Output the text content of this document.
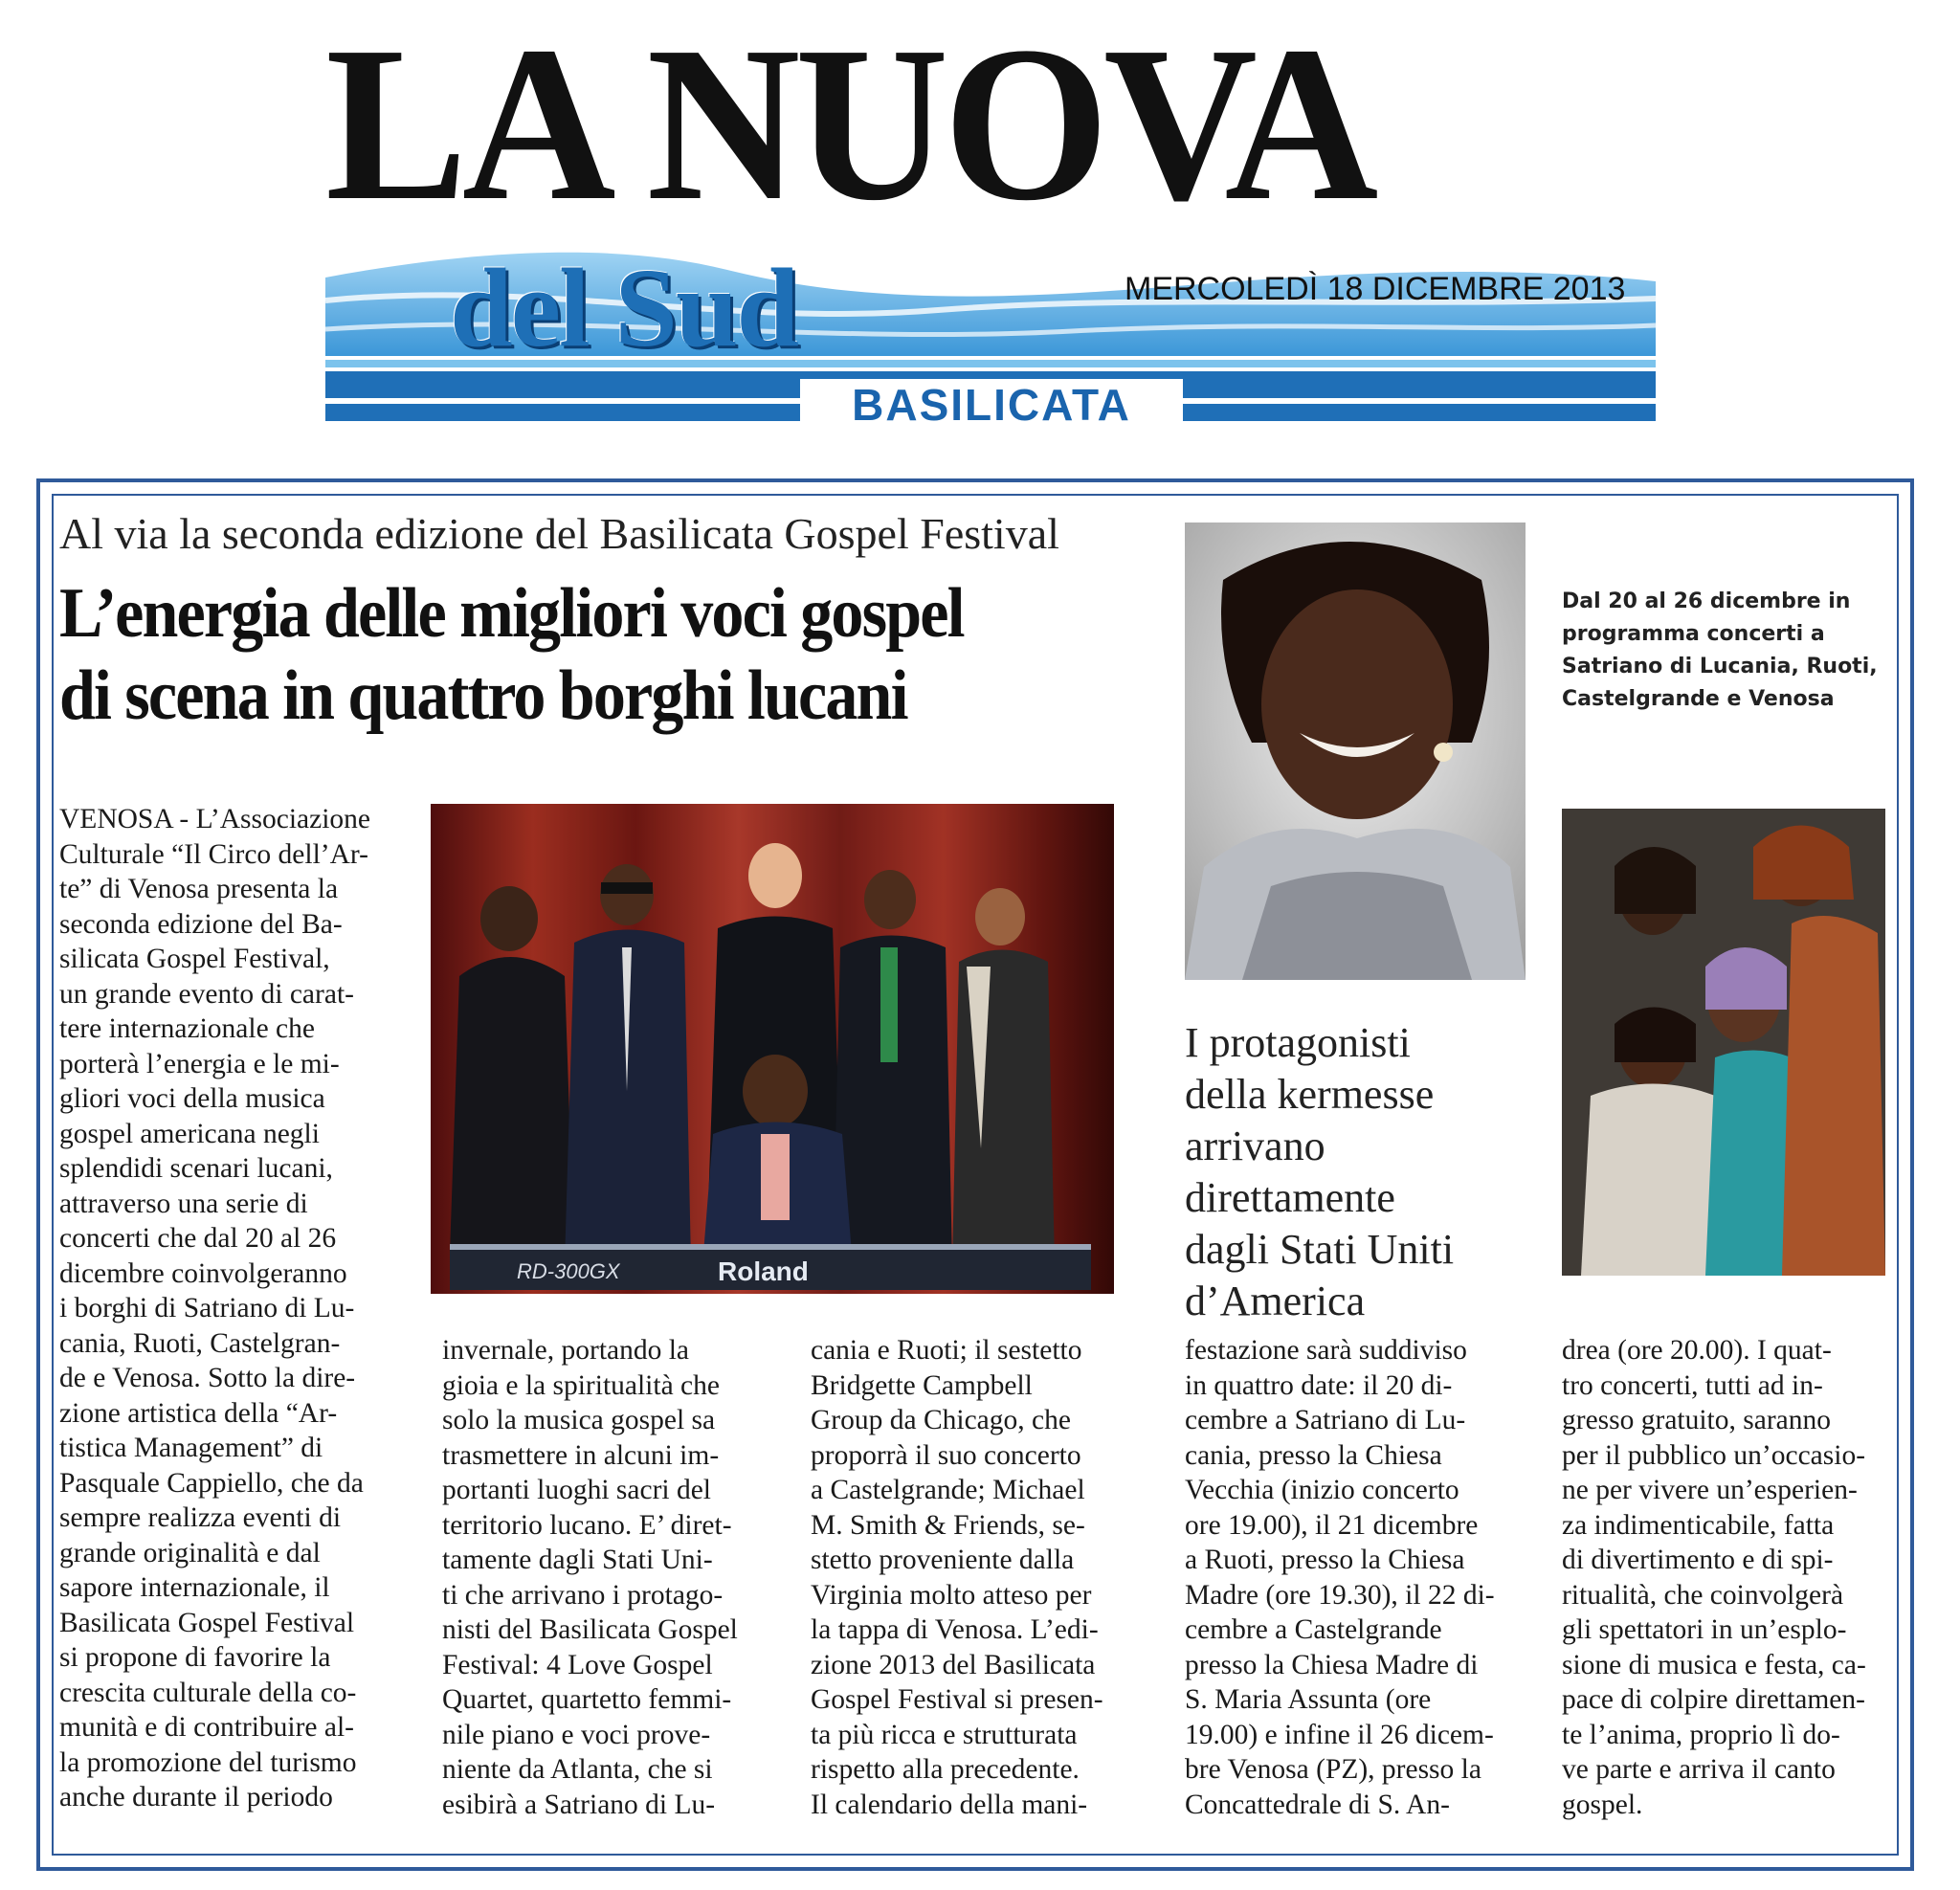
LA NUOVA
del Sud	MERCOLEDÌ 18 DICEMBRE 2013
BASILICATA
Al via la seconda edizione del Basilicata Gospel Festival
L’energia delle migliori voci gospel
di scena in quattro borghi lucani
RD-300GX	Roland
I protagonisti
della kermesse
arrivano
direttamente
dagli Stati Uniti
d’America
Dal 20 al 26 dicembre in
programma concerti a
Satriano di Lucania, Ruoti,
Castelgrande e Venosa
VENOSA - L’Associazione
Culturale “Il Circo dell’Ar-
te” di Venosa presenta la
seconda edizione del Ba-
silicata Gospel Festival,
un grande evento di carat-
tere internazionale che
porterà l’energia e le mi-
gliori voci della musica
gospel americana negli
splendidi scenari lucani,
attraverso una serie di
concerti che dal 20 al 26
dicembre coinvolgeranno
i borghi di Satriano di Lu-
cania, Ruoti, Castelgran-
de e Venosa. Sotto la dire-
zione artistica della “Ar-
tistica Management” di
Pasquale Cappiello, che da
sempre realizza eventi di
grande originalità e dal
sapore internazionale, il
Basilicata Gospel Festival
si propone di favorire la
crescita culturale della co-
munità e di contribuire al-
la promozione del turismo
anche durante il periodo
invernale, portando la
gioia e la spiritualità che
solo la musica gospel sa
trasmettere in alcuni im-
portanti luoghi sacri del
territorio lucano. E’ diret-
tamente dagli Stati Uni-
ti che arrivano i protago-
nisti del Basilicata Gospel
Festival: 4 Love Gospel
Quartet, quartetto femmi-
nile piano e voci prove-
niente da Atlanta, che si
esibirà a Satriano di Lu-
cania e Ruoti; il sestetto
Bridgette Campbell
Group da Chicago, che
proporrà il suo concerto
a Castelgrande; Michael
M. Smith & Friends, se-
stetto proveniente dalla
Virginia molto atteso per
la tappa di Venosa. L’edi-
zione 2013 del Basilicata
Gospel Festival si presen-
ta più ricca e strutturata
rispetto alla precedente.
Il calendario della mani-
festazione sarà suddiviso
in quattro date: il 20 di-
cembre a Satriano di Lu-
cania, presso la Chiesa
Vecchia (inizio concerto
ore 19.00), il 21 dicembre
a Ruoti, presso la Chiesa
Madre (ore 19.30), il 22 di-
cembre a Castelgrande
presso la Chiesa Madre di
S. Maria Assunta (ore
19.00) e infine il 26 dicem-
bre Venosa (PZ), presso la
Concattedrale di S. An-
drea (ore 20.00). I quat-
tro concerti, tutti ad in-
gresso gratuito, saranno
per il pubblico un’occasio-
ne per vivere un’esperien-
za indimenticabile, fatta
di divertimento e di spi-
ritualità, che coinvolgerà
gli spettatori in un’esplo-
sione di musica e festa, ca-
pace di colpire direttamen-
te l’anima, proprio lì do-
ve parte e arriva il canto
gospel.
